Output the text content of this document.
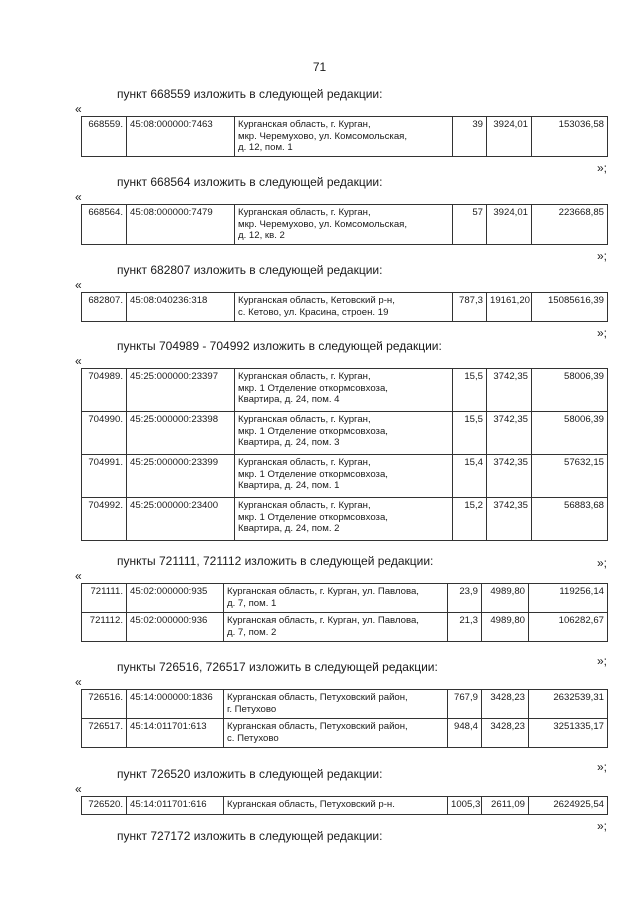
71
пункт 668559 изложить в следующей редакции:
«
668559.	45:08:000000:7463	Курганская область, г. Курган,
мкр. Черемухово, ул. Комсомольская,
д. 12, пом. 1	39	3924,01	153036,58
»;
пункт 668564 изложить в следующей редакции:
«
668564.	45:08:000000:7479	Курганская область, г. Курган,
мкр. Черемухово, ул. Комсомольская,
д. 12, кв. 2	57	3924,01	223668,85
»;
пункт 682807 изложить в следующей редакции:
«
682807.	45:08:040236:318	Курганская область, Кетовский р-н,
с. Кетово, ул. Красина, строен. 19	787,3	19161,20	15085616,39
»;
пункты 704989 - 704992 изложить в следующей редакции:
«
704989.	45:25:000000:23397	Курганская область, г. Курган,
мкр. 1 Отделение откормсовхоза,
Квартира, д. 24, пом. 4	15,5	3742,35	58006,39
704990.	45:25:000000:23398	Курганская область, г. Курган,
мкр. 1 Отделение откормсовхоза,
Квартира, д. 24, пом. 3	15,5	3742,35	58006,39
704991.	45:25:000000:23399	Курганская область, г. Курган,
мкр. 1 Отделение откормсовхоза,
Квартира, д. 24, пом. 1	15,4	3742,35	57632,15
704992.	45:25:000000:23400	Курганская область, г. Курган,
мкр. 1 Отделение откормсовхоза,
Квартира, д. 24, пом. 2	15,2	3742,35	56883,68
»;
пункты 721111, 721112 изложить в следующей редакции:
«
721111.	45:02:000000:935	Курганская область, г. Курган, ул. Павлова,
д. 7, пом. 1	23,9	4989,80	119256,14
721112.	45:02:000000:936	Курганская область, г. Курган, ул. Павлова,
д. 7, пом. 2	21,3	4989,80	106282,67
»;
пункты 726516, 726517 изложить в следующей редакции:
«
726516.	45:14:000000:1836	Курганская область, Петуховский район,
г. Петухово	767,9	3428,23	2632539,31
726517.	45:14:011701:613	Курганская область, Петуховский район,
с. Петухово	948,4	3428,23	3251335,17
»;
пункт 726520 изложить в следующей редакции:
«
726520.	45:14:011701:616	Курганская область, Петуховский р-н.	1005,3	2611,09	2624925,54
»;
пункт 727172 изложить в следующей редакции:
